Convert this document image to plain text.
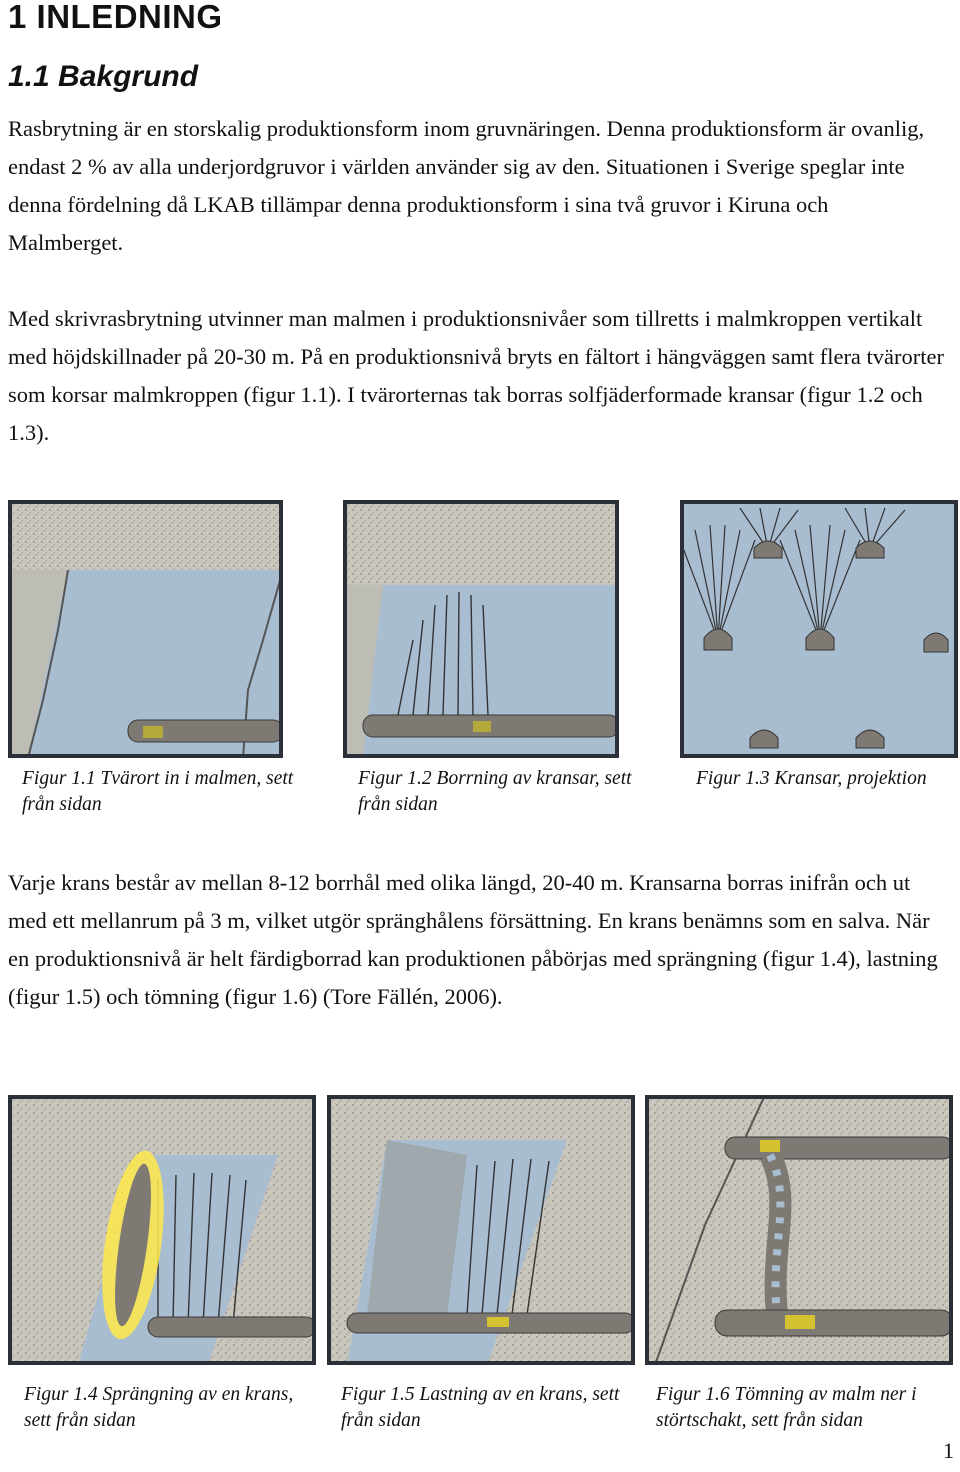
1 INLEDNING
1.1 Bakgrund

Rasbrytning är en storskalig produktionsform inom gruvnäringen. Denna produktionsform är ovanlig, endast 2 % av alla underjordgruvor i världen använder sig av den. Situationen i Sverige speglar inte denna fördelning då LKAB tillämpar denna produktionsform i sina två gruvor i Kiruna och Malmberget.

Med skrivrasbrytning utvinner man malmen i produktionsnivåer som tillretts i malmkroppen vertikalt med höjdskillnader på 20-30 m. På en produktionsnivå bryts en fältort i hängväggen samt flera tvärorter som korsar malmkroppen (figur 1.1). I tvärorternas tak borras solfjäderformade kransar (figur 1.2 och 1.3).

Figur 1.1 Tvärort in i malmen, sett från sidan

Figur 1.2 Borrning av kransar, sett från sidan

Figur 1.3 Kransar, projektion

Varje krans består av mellan 8-12 borrhål med olika längd, 20-40 m. Kransarna borras inifrån och ut med ett mellanrum på 3 m, vilket utgör spränghålens försättning. En krans benämns som en salva. När en produktionsnivå är helt färdigborrad kan produktionen påbörjas med sprängning (figur 1.4), lastning (figur 1.5) och tömning (figur 1.6) (Tore Fällén, 2006).

Figur 1.4 Sprängning av en krans, sett från sidan

Figur 1.5 Lastning av en krans, sett från sidan

Figur 1.6 Tömning av malm ner i störtschakt, sett från sidan

1
